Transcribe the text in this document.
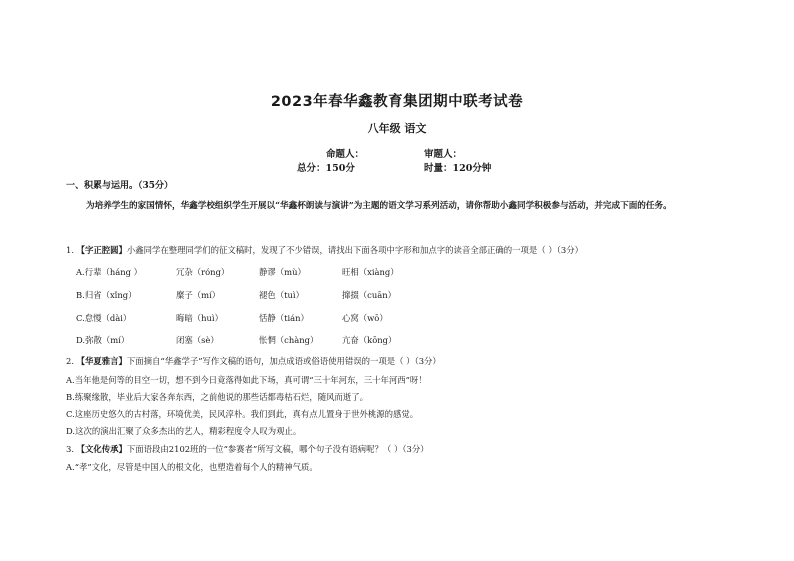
2023年春华鑫教育集团期中联考试卷
八年级 语文
命题人：	审题人：
总分：150分	时量：120分钟
一、积累与运用。（35分）
为培养学生的家国情怀，华鑫学校组织学生开展以“华鑫杯朗读与演讲”为主题的语文学习系列活动，请你帮助小鑫同学积极参与活动，并完成下面的任务。
1. 【字正腔圆】小鑫同学在整理同学们的征文稿时，发现了不少错误，请找出下面各项中字形和加点字的读音全部正确的一项是（ ）（3分）
A.行辈（háng ）	冗杂（róng）	静谬（mù）	旺相（xiàng）
B.归省（xǐng）	糜子（mí）	褪色（tuì）	撺掇（cuān）
C.怠慢（dài）	晦暗（huì）	恬静（tián）	心窝（wō）
D.弥散（mí）	闭塞（sè）	怅惘（chàng）	亢奋（kōng）
2. 【华夏雅言】下面摘自“华鑫学子”写作文稿的语句，加点成语或俗语使用错误的一项是（ ）（3分）
A.当年他是何等的目空一切，想不到今日竟落得如此下场，真可谓“三十年河东，三十年河西”呀！
B.练聚缘散，毕业后大家各奔东西，之前他说的那些话都毒枯石烂，随风而逝了。
C.这座历史悠久的古村落，环境优美，民风淳朴。我们到此，真有点儿置身于世外桃源的感觉。
D.这次的演出汇聚了众多杰出的艺人，精彩程度令人叹为观止。
3. 【文化传承】下面语段由2102班的一位“参赛者”所写文稿，哪个句子没有语病呢？（ ）（3分）
A.“孝”文化，尽管是中国人的根文化，也塑造着每个人的精神气质。
